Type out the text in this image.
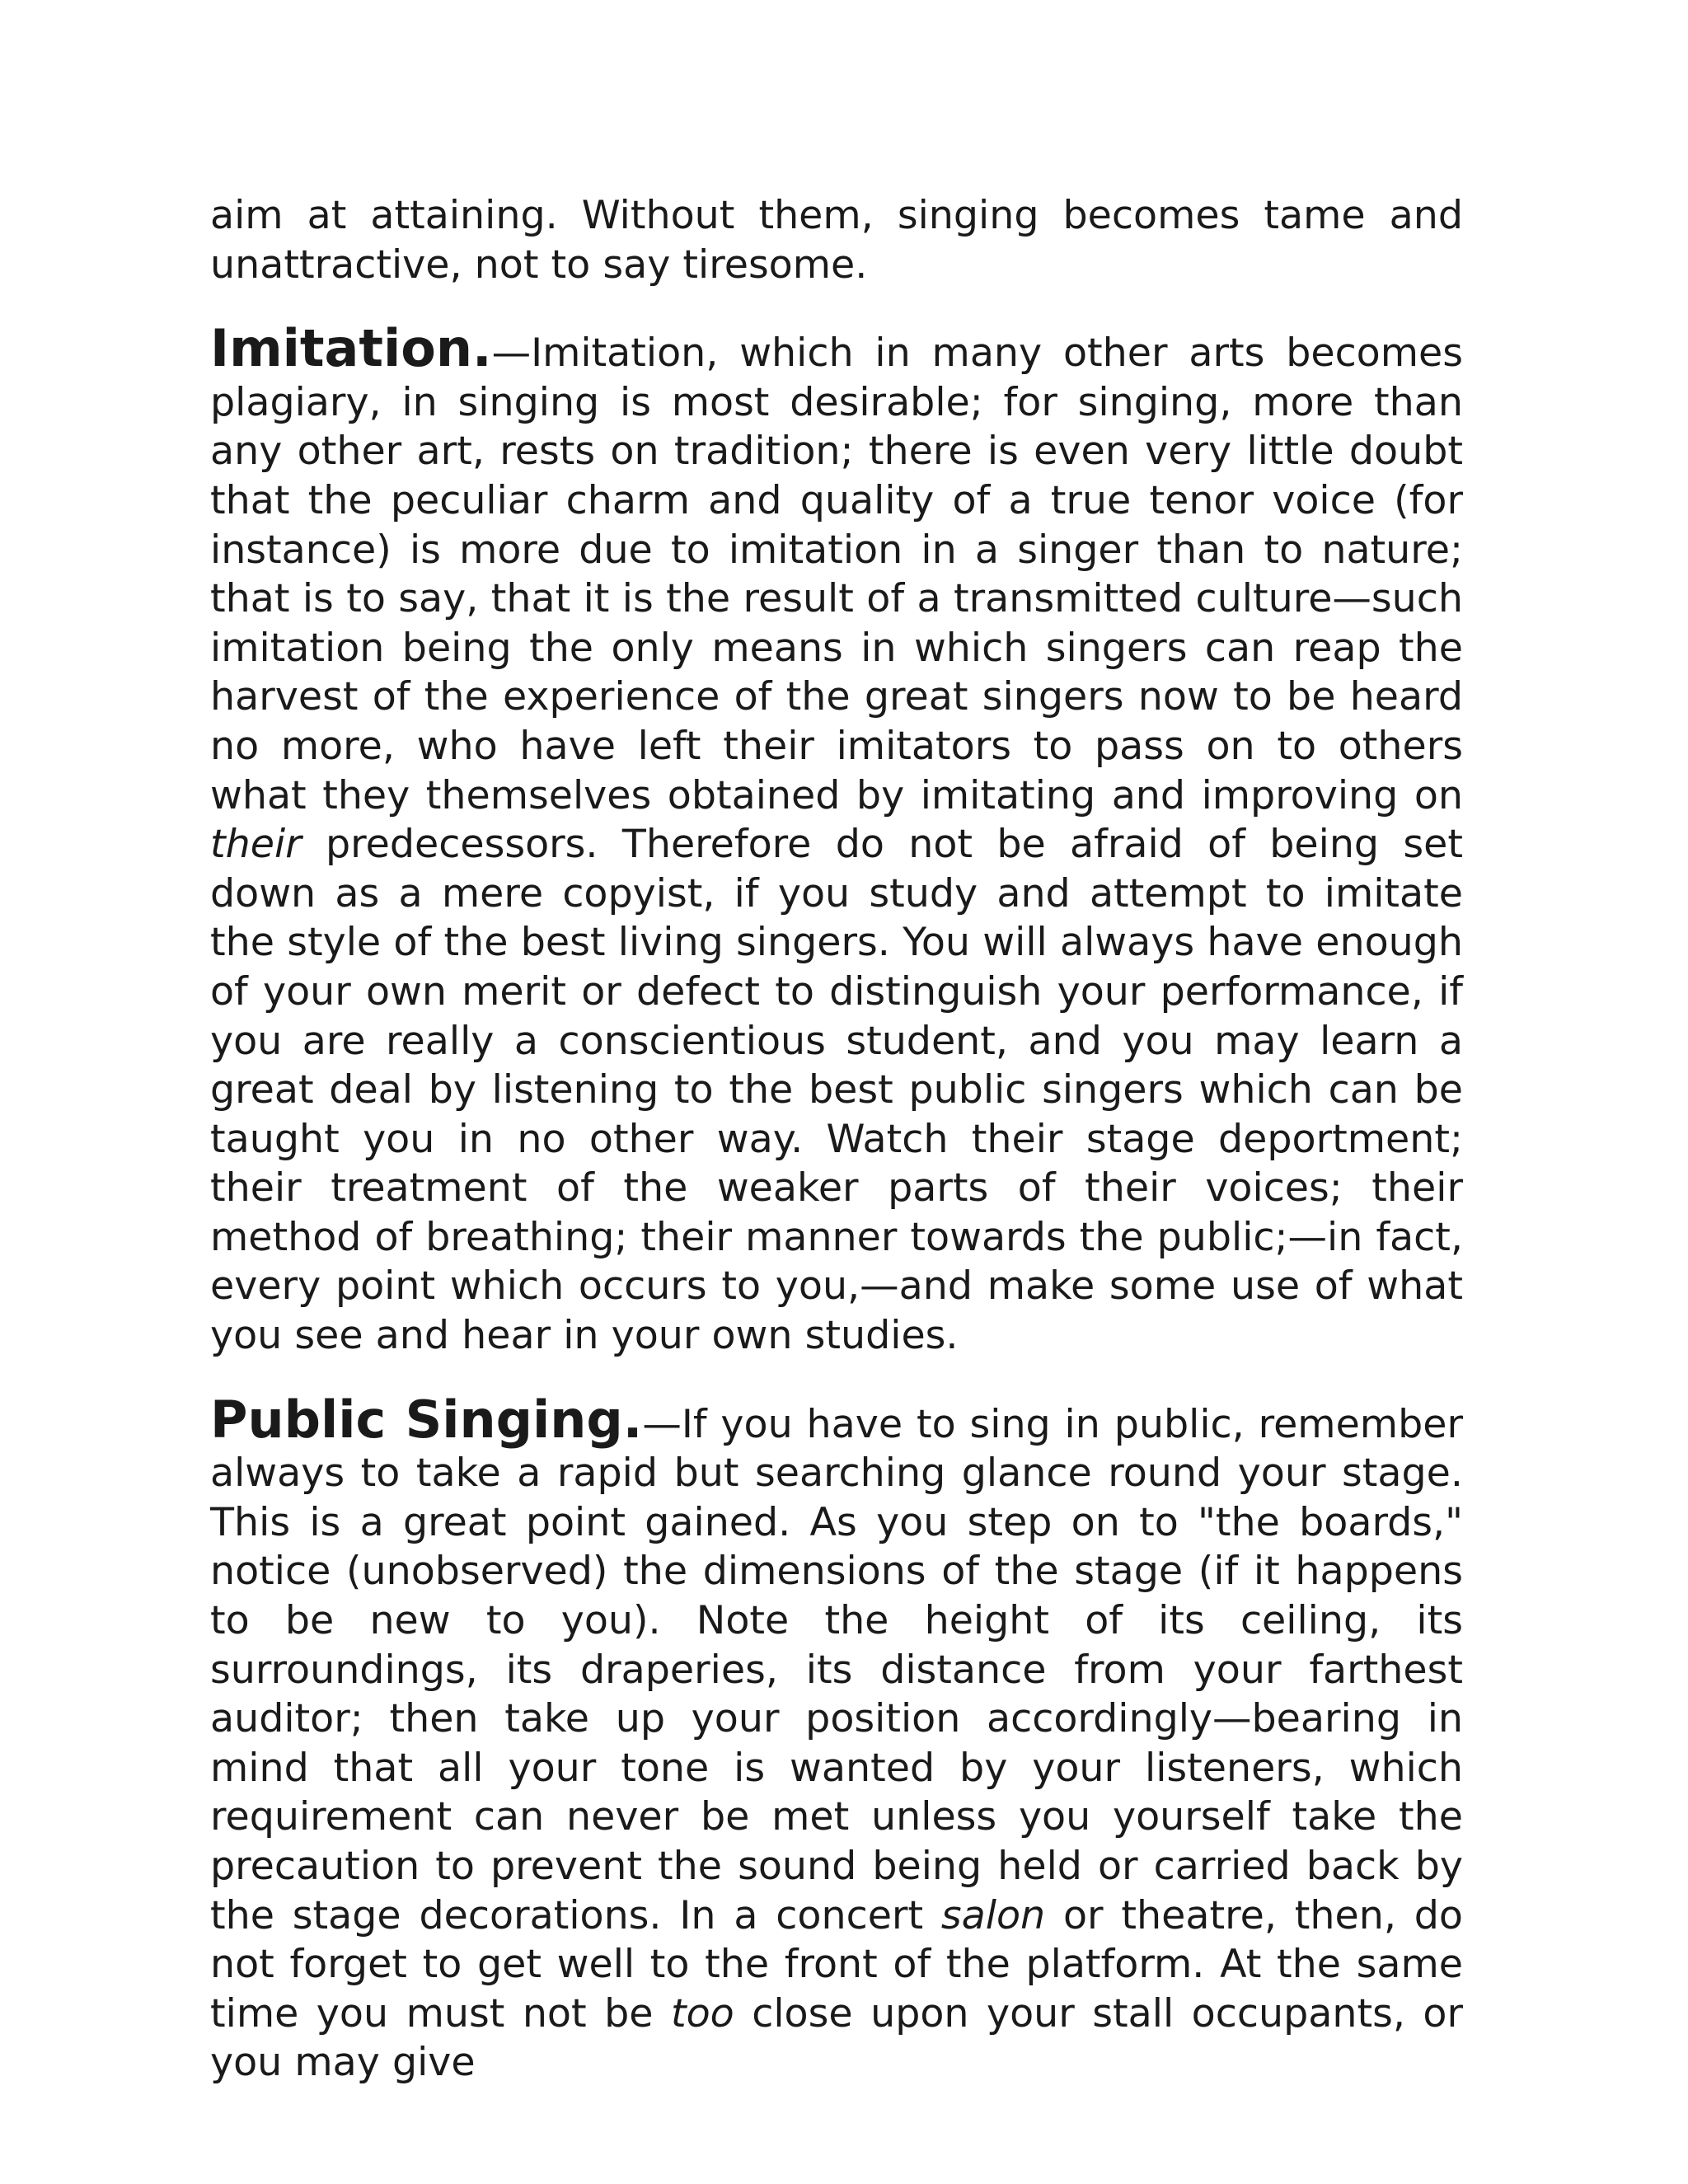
aim at attaining. Without them, singing becomes tame and unattractive, not to say tiresome.

Imitation.—Imitation, which in many other arts becomes plagiary, in singing is most desirable; for singing, more than any other art, rests on tradition; there is even very little doubt that the peculiar charm and quality of a true tenor voice (for instance) is more due to imitation in a singer than to nature; that is to say, that it is the result of a transmitted culture—such imitation being the only means in which singers can reap the harvest of the experience of the great singers now to be heard no more, who have left their imitators to pass on to others what they themselves obtained by imitating and improving on their predecessors. Therefore do not be afraid of being set down as a mere copyist, if you study and attempt to imitate the style of the best living singers. You will always have enough of your own merit or defect to distinguish your performance, if you are really a conscientious student, and you may learn a great deal by listening to the best public singers which can be taught you in no other way. Watch their stage deportment; their treatment of the weaker parts of their voices; their method of breathing; their manner towards the public;—in fact, every point which occurs to you,—and make some use of what you see and hear in your own studies.

Public Singing.—If you have to sing in public, remember always to take a rapid but searching glance round your stage. This is a great point gained. As you step on to "the boards," notice (unobserved) the dimensions of the stage (if it happens to be new to you). Note the height of its ceiling, its surroundings, its draperies, its distance from your farthest auditor; then take up your position accordingly—bearing in mind that all your tone is wanted by your listeners, which requirement can never be met unless you yourself take the precaution to prevent the sound being held or carried back by the stage decorations. In a concert salon or theatre, then, do not forget to get well to the front of the platform. At the same time you must not be too close upon your stall occupants, or you may give
